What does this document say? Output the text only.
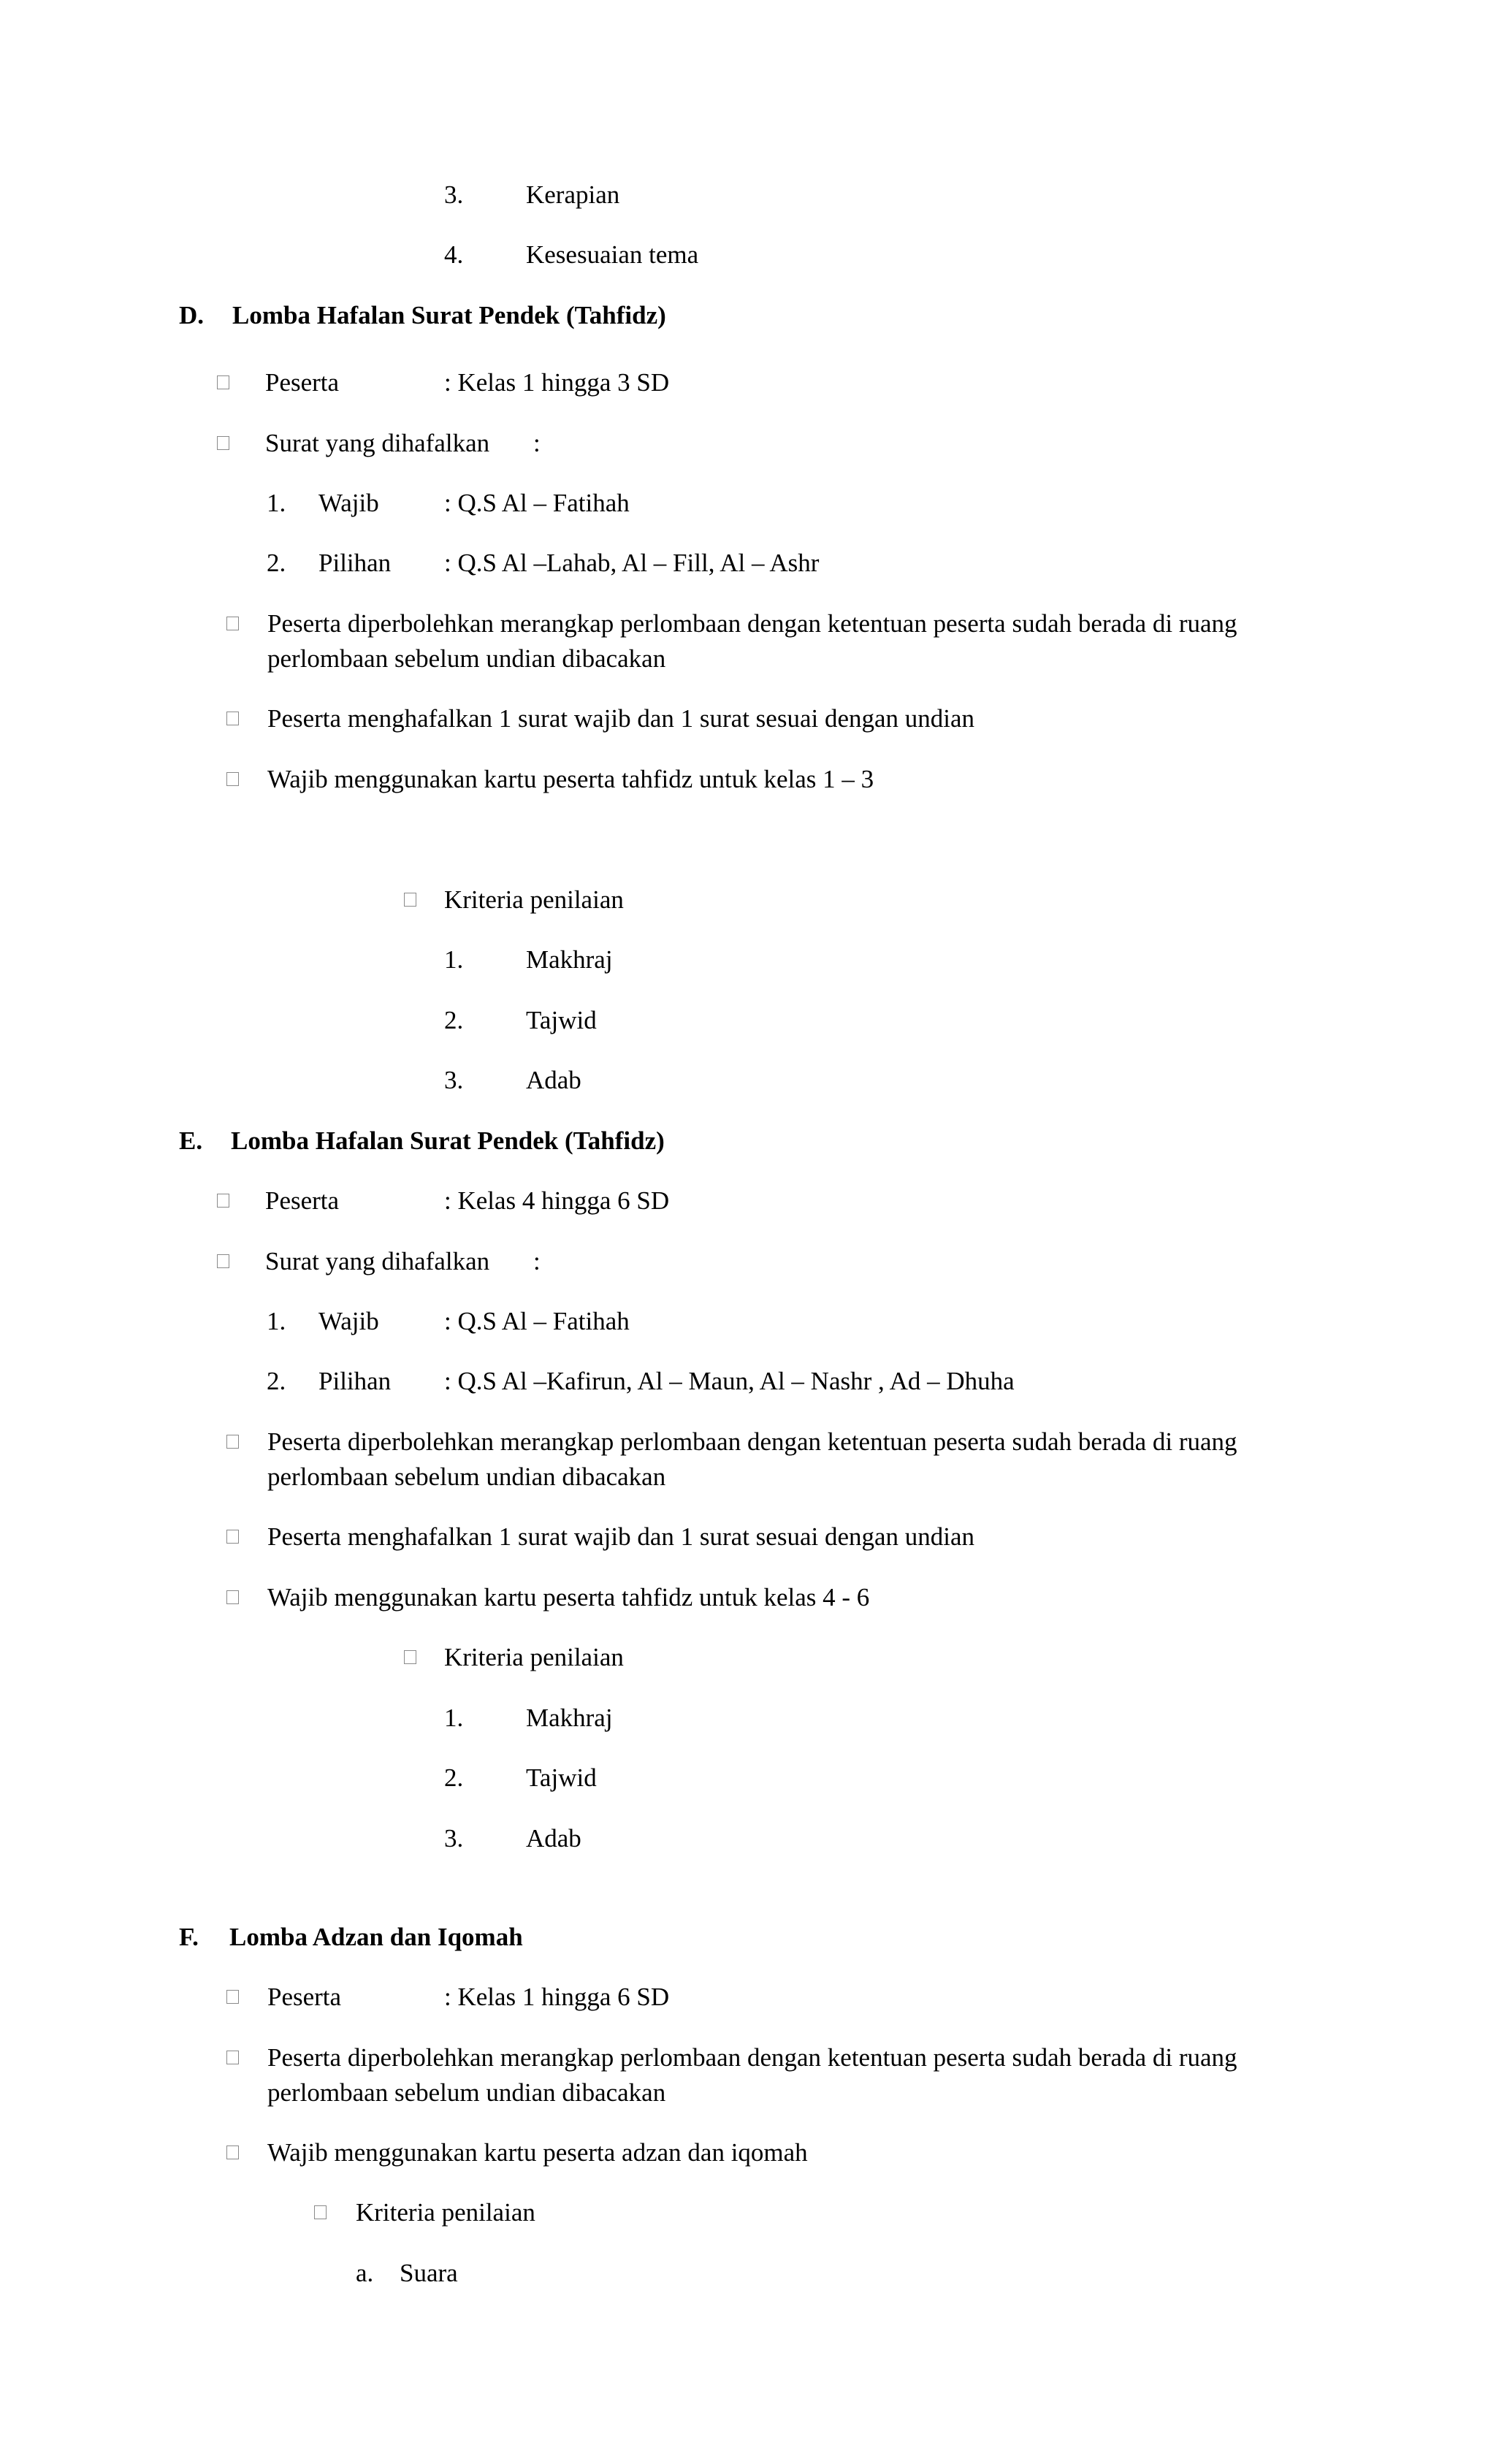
3. Kerapian
4. Kesesuaian tema
D. Lomba Hafalan Surat Pendek (Tahfidz)
Peserta	: Kelas 1 hingga 3 SD
Surat yang dihafalkan :
1. Wajib	: Q.S Al – Fatihah
2. Pilihan : Q.S Al –Lahab, Al – Fill, Al – Ashr
Peserta diperbolehkan merangkap perlombaan dengan ketentuan peserta sudah berada di ruang
perlombaan sebelum undian dibacakan
Peserta menghafalkan 1 surat wajib dan 1 surat sesuai dengan undian
Wajib menggunakan kartu peserta tahfidz untuk kelas 1 – 3
Kriteria penilaian
1. Makhraj
2. Tajwid
3. Adab
E. Lomba Hafalan Surat Pendek (Tahfidz)
Peserta	: Kelas 4 hingga 6 SD
Surat yang dihafalkan :
1. Wajib	: Q.S Al – Fatihah
2. Pilihan : Q.S Al –Kafirun, Al – Maun, Al – Nashr , Ad – Dhuha
Peserta diperbolehkan merangkap perlombaan dengan ketentuan peserta sudah berada di ruang
perlombaan sebelum undian dibacakan
Peserta menghafalkan 1 surat wajib dan 1 surat sesuai dengan undian
Wajib menggunakan kartu peserta tahfidz untuk kelas 4 - 6
Kriteria penilaian
1. Makhraj
2. Tajwid
3. Adab
F. Lomba Adzan dan Iqomah
Peserta	: Kelas 1 hingga 6 SD
Peserta diperbolehkan merangkap perlombaan dengan ketentuan peserta sudah berada di ruang
perlombaan sebelum undian dibacakan
Wajib menggunakan kartu peserta adzan dan iqomah
Kriteria penilaian
a. Suara
